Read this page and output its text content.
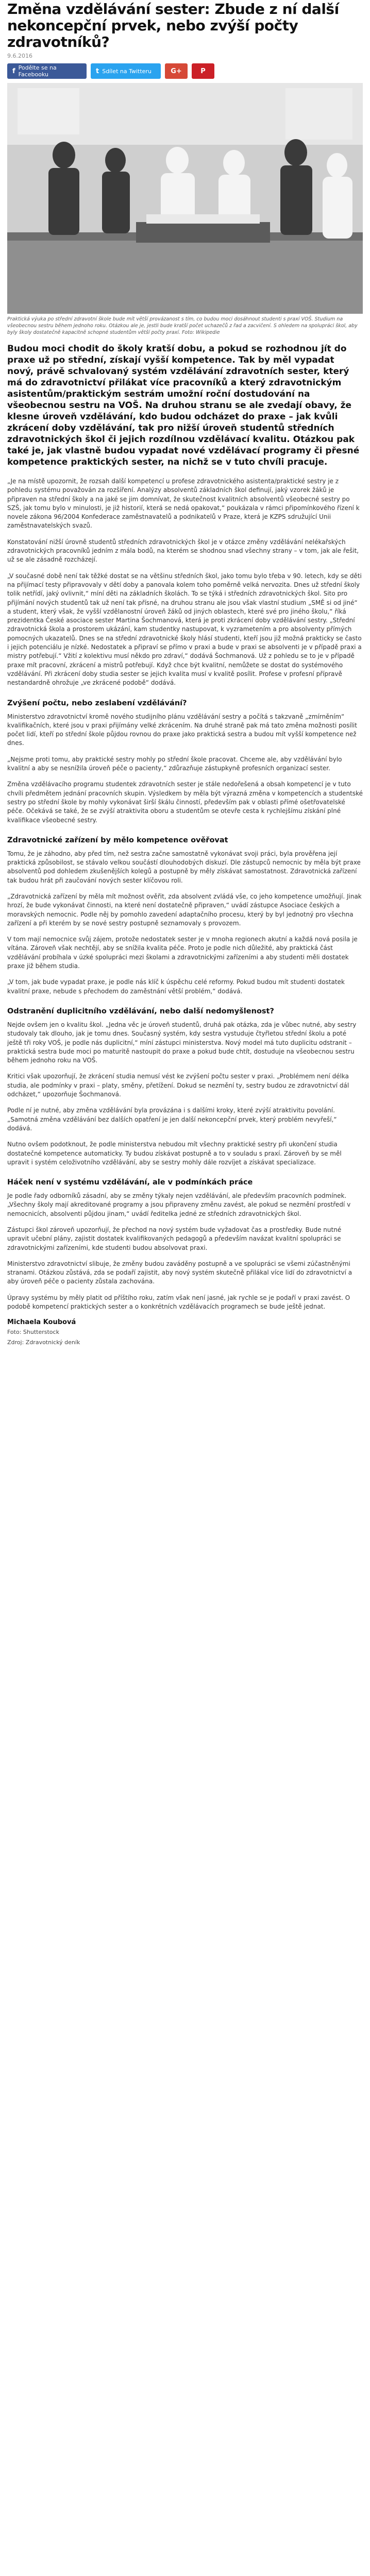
Změna vzdělávání sester: Zbude z ní další nekoncepční prvek, nebo zvýší počty zdravotníků?
9.6.2016
f Podělte se na Facebooku	t Sdílet na Twitteru	G+	P
Praktická výuka po střední zdravotní škole bude mít větší provázanost s tím, co budou moci dosáhnout studenti s praxí VOŠ. Studium na všeobecnou sestru během jednoho roku. Otázkou ale je, jestli bude kratší počet uchazečů z řad a zacvičení. S ohledem na spolupráci škol, aby byly školy dostatečně kapacitně schopné studentům větší počty praxí. Foto: Wikipedie
Budou moci chodit do školy kratší dobu, a pokud se rozhodnou jít do praxe už po střední, získají vyšší kompetence. Tak by měl vypadat nový, právě schvalovaný systém vzdělávání zdravotních sester, který má do zdravotnictví přilákat více pracovníků a který zdravotnickým asistentům/praktickým sestrám umožní roční dostudování na všeobecnou sestru na VOŠ. Na druhou stranu se ale zvedají obavy, že klesne úroveň vzdělávání, kdo budou odcházet do praxe – jak kvůli zkrácení doby vzdělávání, tak pro nižší úroveň studentů středních zdravotnických škol či jejich rozdílnou vzdělávací kvalitu. Otázkou pak také je, jak vlastně budou vypadat nové vzdělávací programy či přesné kompetence praktických sester, na nichž se v tuto chvíli pracuje.

„Je na místě upozornit, že rozsah další kompetencí u profese zdravotnického asistenta/praktické sestry je z pohledu systému považován za rozšíření. Analýzy absolventů základních škol definují, jaký vzorek žáků je připraven na střední školy a na jaké se jim domnívat, že skutečnost kvalitních absolventů všeobecné sestry po SZŠ, jak tomu bylo v minulosti, je již historií, která se nedá opakovat,“ poukázala v rámci připomínkového řízení k novele zákona 96/2004 Konfederace zaměstnavatelů a podnikatelů v Praze, která je KZPS sdružující Unii zaměstnavatelských svazů.

Konstatování nižší úrovně studentů středních zdravotnických škol je v otázce změny vzdělávání nelékařských zdravotnických pracovníků jedním z mála bodů, na kterém se shodnou snad všechny strany – v tom, jak ale řešit, už se ale zásadně rozcházejí.

„V současné době není tak těžké dostat se na většinu středních škol, jako tomu bylo třeba v 90. letech, kdy se děti na přijímací testy připravovaly v dětí doby a panovala kolem toho poměrně velká nervozita. Dnes už střední školy tolik netřídí, jaký ovlivnit,“ míní děti na základních školách. To se týká i středních zdravotnických škol. Sito pro přijímání nových studentů tak už není tak přísné, na druhou stranu ale jsou však vlastní studium „SMĚ si od jiné“ a student, který však, že vyšší vzdělanostní úroveň žáků od jiných oblastech, které své pro jiného školu,“ říká prezidentka České asociace sester Martina Šochmanová, která je proti zkrácení doby vzdělávání sestry. „Střední zdravotnická škola a prostorem ukázání, kam studentky nastupovat, k vyzrametením a pro absolventy přímých pomocných ukazatelů. Dnes se na střední zdravotnické školy hlásí studenti, kteří jsou již možná prakticky se často i jejich potenciálu je nízké. Nedostatek a připraví se přímo v praxi a bude v praxi se absolventi je v případě praxi a mistry potřebují.“ Vžití z kolektivu musí někdo pro zdraví,“ dodává Šochmanová. Už z pohledu se to je v případě praxe mít pracovní, zkrácení a mistrů potřebují. Když chce být kvalitní, nemůžete se dostat do systémového vzdělávání. Při zkrácení doby studia sester se jejich kvalita musí v kvalitě posílit. Profese v profesní přípravě nestandardně ohrožuje „ve zkrácené podobě“ dodává.

Zvýšení počtu, nebo zeslabení vzdělávání?

Ministerstvo zdravotnictví kromě nového studijního plánu vzdělávání sestry a počítá s takzvaně „zmírněním“ kvalifikačních, které jsou v praxi přijímány velké zkrácením. Na druhé straně pak má tato změna možnosti posílit počet lidí, kteří po střední škole půjdou rovnou do praxe jako praktická sestra a budou mít vyšší kompetence než dnes.

„Nejsme proti tomu, aby praktické sestry mohly po střední škole pracovat. Chceme ale, aby vzdělávání bylo kvalitní a aby se nesnížila úroveň péče o pacienty,“ zdůrazňuje zástupkyně profesních organizací sester.

Změna vzdělávacího programu studentek zdravotních sester je stále nedořešená a obsah kompetencí je v tuto chvíli předmětem jednání pracovních skupin. Výsledkem by měla být výrazná změna v kompetencích a studentské sestry po střední škole by mohly vykonávat širší škálu činností, především pak v oblasti přímé ošetřovatelské péče. Očekává se také, že se zvýší atraktivita oboru a studentům se otevře cesta k rychlejšímu získání plné kvalifikace všeobecné sestry.

Zdravotnické zařízení by mělo kompetence ověřovat

Tomu, že je záhodno, aby před tím, než sestra začne samostatně vykonávat svoji práci, byla prověřena její praktická způsobilost, se stávalo velkou součástí dlouhodobých diskuzí. Dle zástupců nemocnic by měla být praxe absolventů pod dohledem zkušenějších kolegů a postupně by měly získávat samostatnost. Zdravotnická zařízení tak budou hrát při zaučování nových sester klíčovou roli.

„Zdravotnická zařízení by měla mít možnost ověřit, zda absolvent zvládá vše, co jeho kompetence umožňují. Jinak hrozí, že bude vykonávat činnosti, na které není dostatečně připraven,“ uvádí zástupce Asociace českých a moravských nemocnic. Podle něj by pomohlo zavedení adaptačního procesu, který by byl jednotný pro všechna zařízení a při kterém by se nové sestry postupně seznamovaly s provozem.

V tom mají nemocnice svůj zájem, protože nedostatek sester je v mnoha regionech akutní a každá nová posila je vítána. Zároveň však nechtějí, aby se snížila kvalita péče. Proto je podle nich důležité, aby praktická část vzdělávání probíhala v úzké spolupráci mezi školami a zdravotnickými zařízeními a aby studenti měli dostatek praxe již během studia.

„V tom, jak bude vypadat praxe, je podle nás klíč k úspěchu celé reformy. Pokud budou mít studenti dostatek kvalitní praxe, nebude s přechodem do zaměstnání větší problém,“ dodává.

Odstranění duplicitního vzdělávání, nebo další nedomyšlenost?

Nejde ovšem jen o kvalitu škol. „Jedna věc je úroveň studentů, druhá pak otázka, zda je vůbec nutné, aby sestry studovaly tak dlouho, jak je tomu dnes. Současný systém, kdy sestra vystuduje čtyřletou střední školu a poté ještě tři roky VOŠ, je podle nás duplicitní,“ míní zástupci ministerstva. Nový model má tuto duplicitu odstranit – praktická sestra bude moci po maturitě nastoupit do praxe a pokud bude chtít, dostuduje na všeobecnou sestru během jednoho roku na VOŠ.

Kritici však upozorňují, že zkrácení studia nemusí vést ke zvýšení počtu sester v praxi. „Problémem není délka studia, ale podmínky v praxi – platy, směny, přetížení. Dokud se nezmění ty, sestry budou ze zdravotnictví dál odcházet,“ upozorňuje Šochmanová.

Podle ní je nutné, aby změna vzdělávání byla provázána i s dalšími kroky, které zvýší atraktivitu povolání. „Samotná změna vzdělávání bez dalších opatření je jen další nekoncepční prvek, který problém nevyřeší,“ dodává.

Nutno ovšem podotknout, že podle ministerstva nebudou mít všechny praktické sestry při ukončení studia dostatečné kompetence automaticky. Ty budou získávat postupně a to v souladu s praxí. Zároveň by se měl upravit i systém celoživotního vzdělávání, aby se sestry mohly dále rozvíjet a získávat specializace.

Háček není v systému vzdělávání, ale v podmínkách práce

Je podle řady odborníků zásadní, aby se změny týkaly nejen vzdělávání, ale především pracovních podmínek. „Všechny školy mají akreditované programy a jsou připraveny změnu zavést, ale pokud se nezmění prostředí v nemocnicích, absolventi půjdou jinam,“ uvádí ředitelka jedné ze středních zdravotnických škol.

Zástupci škol zároveň upozorňují, že přechod na nový systém bude vyžadovat čas a prostředky. Bude nutné upravit učební plány, zajistit dostatek kvalifikovaných pedagogů a především navázat kvalitní spolupráci se zdravotnickými zařízeními, kde studenti budou absolvovat praxi.

Ministerstvo zdravotnictví slibuje, že změny budou zaváděny postupně a ve spolupráci se všemi zúčastněnými stranami. Otázkou zůstává, zda se podaří zajistit, aby nový systém skutečně přilákal více lidí do zdravotnictví a aby úroveň péče o pacienty zůstala zachována.

Úpravy systému by měly platit od příštího roku, zatím však není jasné, jak rychle se je podaří v praxi zavést. O podobě kompetencí praktických sester a o konkrétních vzdělávacích programech se bude ještě jednat.

Michaela Koubová
Foto: Shutterstock
Zdroj: Zdravotnický deník
